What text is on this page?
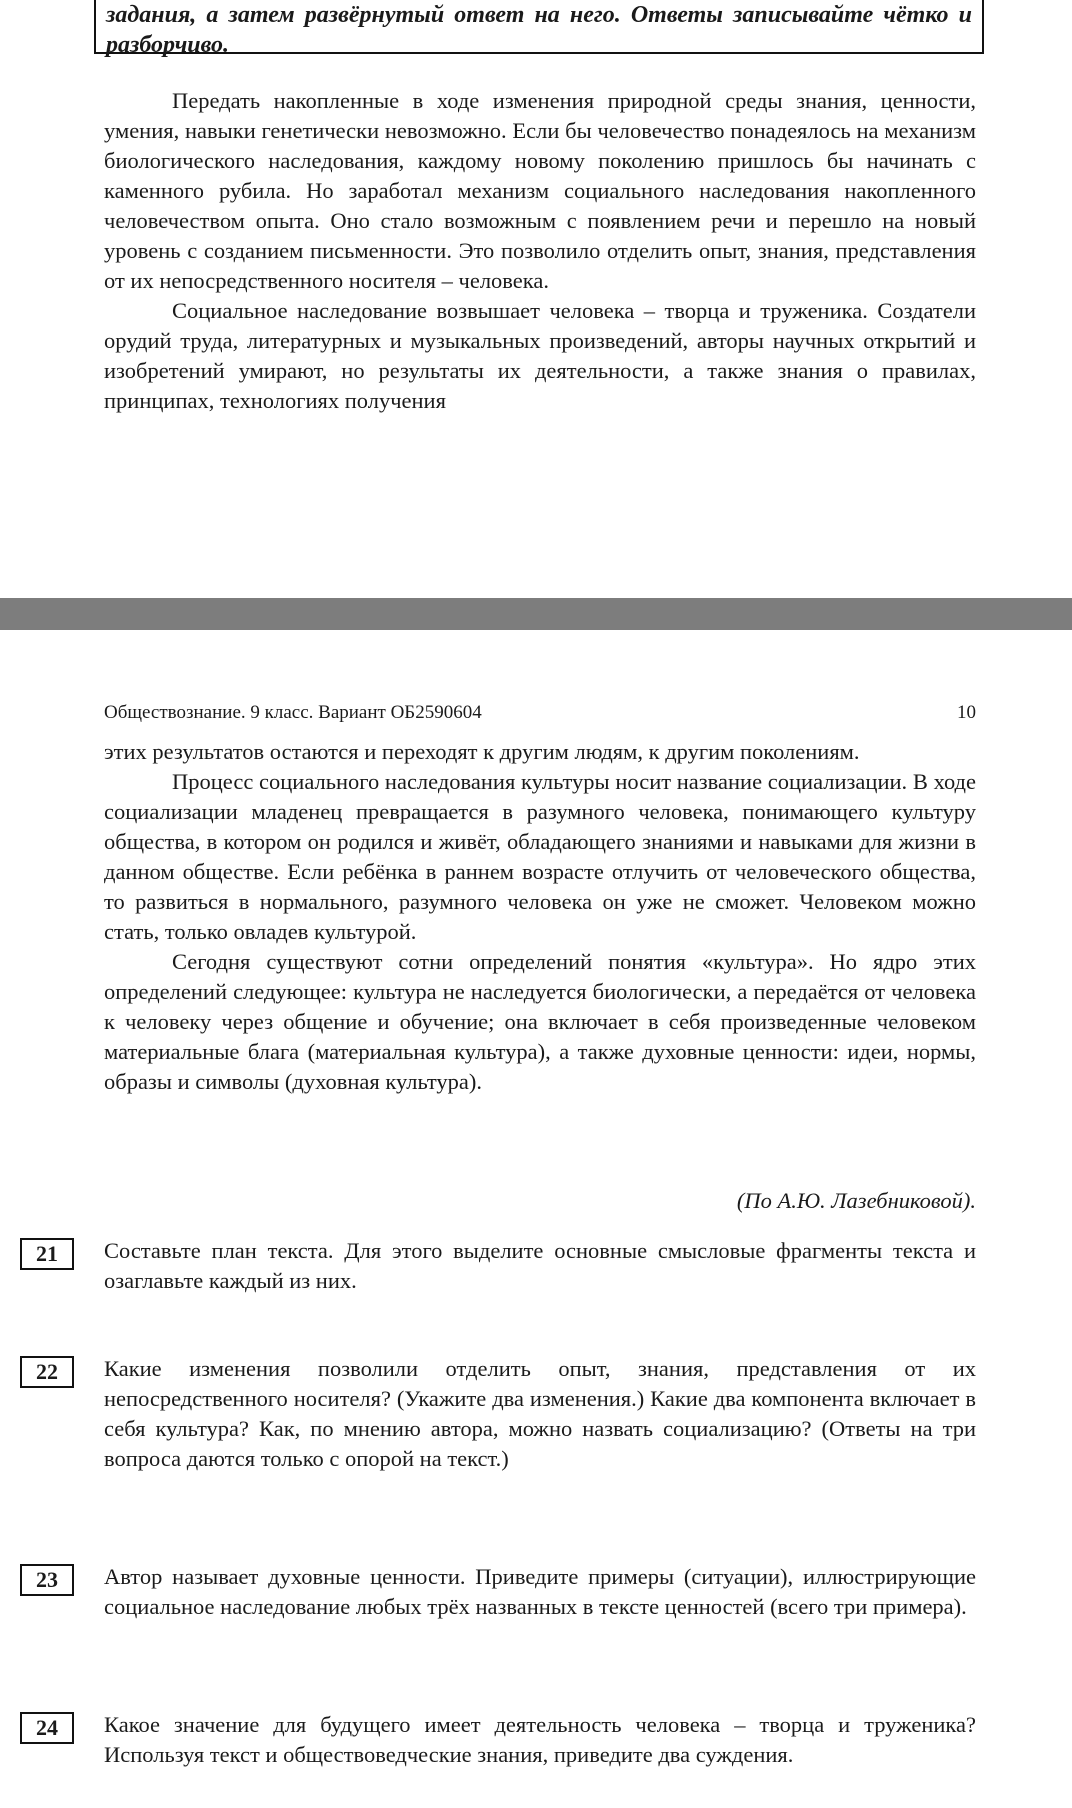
задания, а затем развёрнутый ответ на него. Ответы записывайте чётко и разборчиво.

Передать накопленные в ходе изменения природной среды знания, ценности, умения, навыки генетически невозможно. Если бы человечество понадеялось на механизм биологического наследования, каждому новому поколению пришлось бы начинать с каменного рубила. Но заработал механизм социального наследования накопленного человечеством опыта. Оно стало возможным с появлением речи и перешло на новый уровень с созданием письменности. Это позволило отделить опыт, знания, представления от их непосредственного носителя – человека.

Социальное наследование возвышает человека – творца и труженика. Создатели орудий труда, литературных и музыкальных произведений, авторы научных открытий и изобретений умирают, но результаты их деятельности, а также знания о правилах, принципах, технологиях получения

Обществознание. 9 класс. Вариант ОБ2590604	10

этих результатов остаются и переходят к другим людям, к другим поколениям.

Процесс социального наследования культуры носит название социализации. В ходе социализации младенец превращается в разумного человека, понимающего культуру общества, в котором он родился и живёт, обладающего знаниями и навыками для жизни в данном обществе. Если ребёнка в раннем возрасте отлучить от человеческого общества, то развиться в нормального, разумного человека он уже не сможет. Человеком можно стать, только овладев культурой.

Сегодня существуют сотни определений понятия «культура». Но ядро этих определений следующее: культура не наследуется биологически, а передаётся от человека к человеку через общение и обучение; она включает в себя произведенные человеком материальные блага (материальная культура), а также духовные ценности: идеи, нормы, образы и символы (духовная культура).

(По А.Ю. Лазебниковой).
21	Составьте план текста. Для этого выделите основные смысловые фрагменты текста и озаглавьте каждый из них.
22	Какие изменения позволили отделить опыт, знания, представления от их непосредственного носителя? (Укажите два изменения.) Какие два компонента включает в себя культура? Как, по мнению автора, можно назвать социализацию? (Ответы на три вопроса даются только с опорой на текст.)
23	Автор называет духовные ценности. Приведите примеры (ситуации), иллюстрирующие социальное наследование любых трёх названных в тексте ценностей (всего три примера).
24	Какое значение для будущего имеет деятельность человека – творца и труженика? Используя текст и обществоведческие знания, приведите два суждения.
